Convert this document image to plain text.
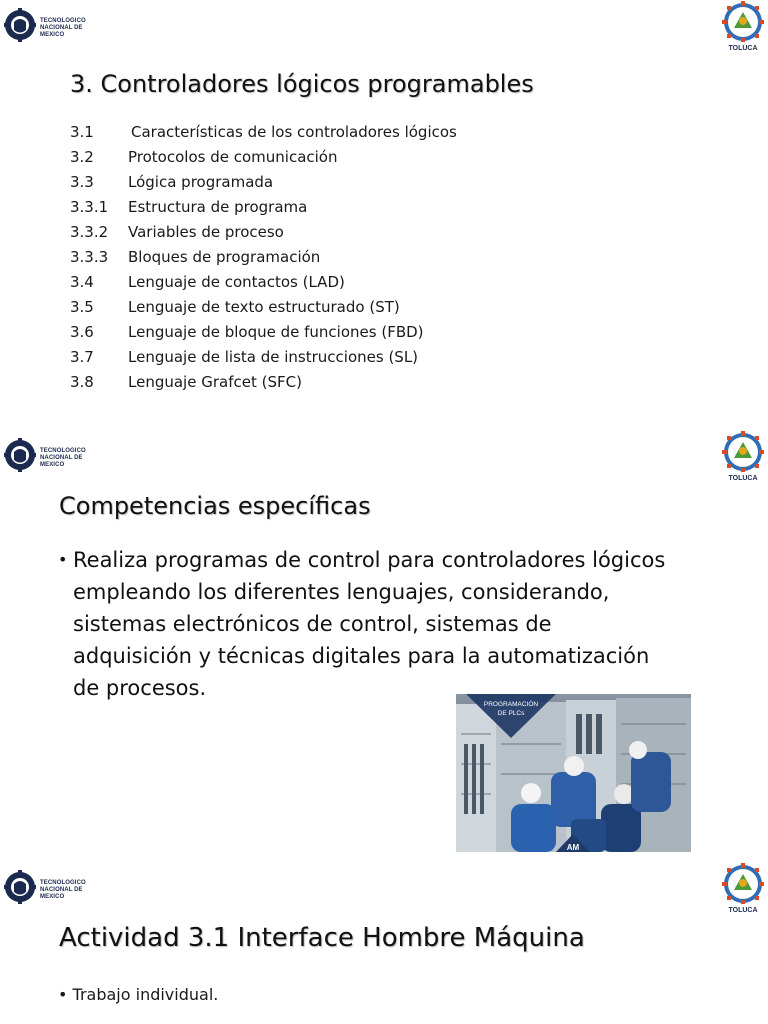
TECNOLOGICO
NACIONAL DE MEXICO
TOLUCA
3. Controladores lógicos programables
3.1 Características de los controladores lógicos
3.2 Protocolos de comunicación
3.3 Lógica programada
3.3.1 Estructura de programa
3.3.2 Variables de proceso
3.3.3 Bloques de programación
3.4 Lenguaje de contactos (LAD)
3.5 Lenguaje de texto estructurado (ST)
3.6 Lenguaje de bloque de funciones (FBD)
3.7 Lenguaje de lista de instrucciones (SL)
3.8 Lenguaje Grafcet (SFC)
TECNOLOGICO
NACIONAL DE MEXICO
TOLUCA
Competencias específicas
• Realiza programas de control para controladores lógicos empleando los diferentes lenguajes, considerando, sistemas electrónicos de control, sistemas de adquisición y técnicas digitales para la automatización de procesos.
PROGRAMACIÓN
DE PLCs
AM
TECNOLOGICO
NACIONAL DE MEXICO
TOLUCA
Actividad 3.1 Interface Hombre Máquina
• Trabajo individual.
